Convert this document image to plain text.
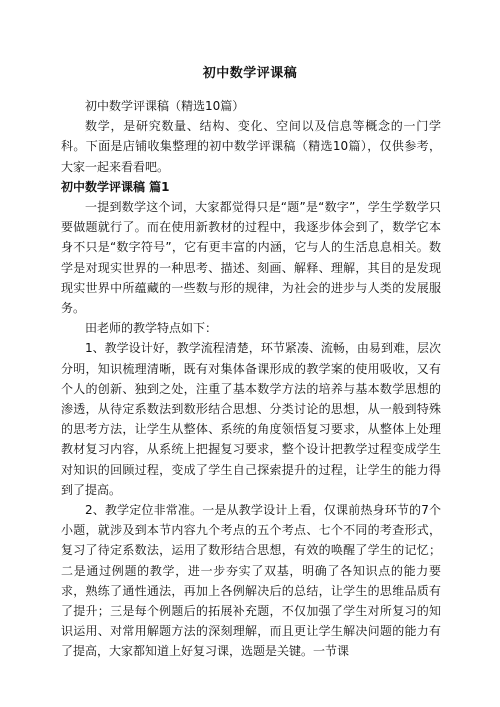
初中数学评课稿

初中数学评课稿（精选10篇）

数学，是研究数量、结构、变化、空间以及信息等概念的一门学科。下面是店铺收集整理的初中数学评课稿（精选10篇），仅供参考，大家一起来看看吧。

初中数学评课稿 篇1

一提到数学这个词，大家都觉得只是“题”是“数字”，学生学数学只要做题就行了。而在使用新教材的过程中，我逐步体会到了，数学它本身不只是“数字符号”，它有更丰富的内涵，它与人的生活息息相关。数学是对现实世界的一种思考、描述、刻画、解释、理解，其目的是发现现实世界中所蕴藏的一些数与形的规律，为社会的进步与人类的发展服务。

田老师的教学特点如下：

1、教学设计好，教学流程清楚，环节紧凑、流畅，由易到难，层次分明，知识梳理清晰，既有对集体备课形成的教学案的使用吸收，又有个人的创新、独到之处，注重了基本数学方法的培养与基本数学思想的渗透，从待定系数法到数形结合思想、分类讨论的思想，从一般到特殊的思考方法，让学生从整体、系统的角度领悟复习要求，从整体上处理教材复习内容，从系统上把握复习要求，整个设计把教学过程变成学生对知识的回顾过程，变成了学生自己探索提升的过程，让学生的能力得到了提高。

2、教学定位非常准。一是从教学设计上看，仅课前热身环节的7个小题，就涉及到本节内容九个考点的五个考点、七个不同的考查形式，复习了待定系数法，运用了数形结合思想，有效的唤醒了学生的记忆；二是通过例题的教学，进一步夯实了双基，明确了各知识点的能力要求，熟练了通性通法，再加上各例解决后的总结，让学生的思维品质有了提升；三是每个例题后的拓展补充题，不仅加强了学生对所复习的知识运用、对常用解题方法的深刻理解，而且更让学生解决问题的能力有了提高，大家都知道上好复习课，选题是关键。一节课
